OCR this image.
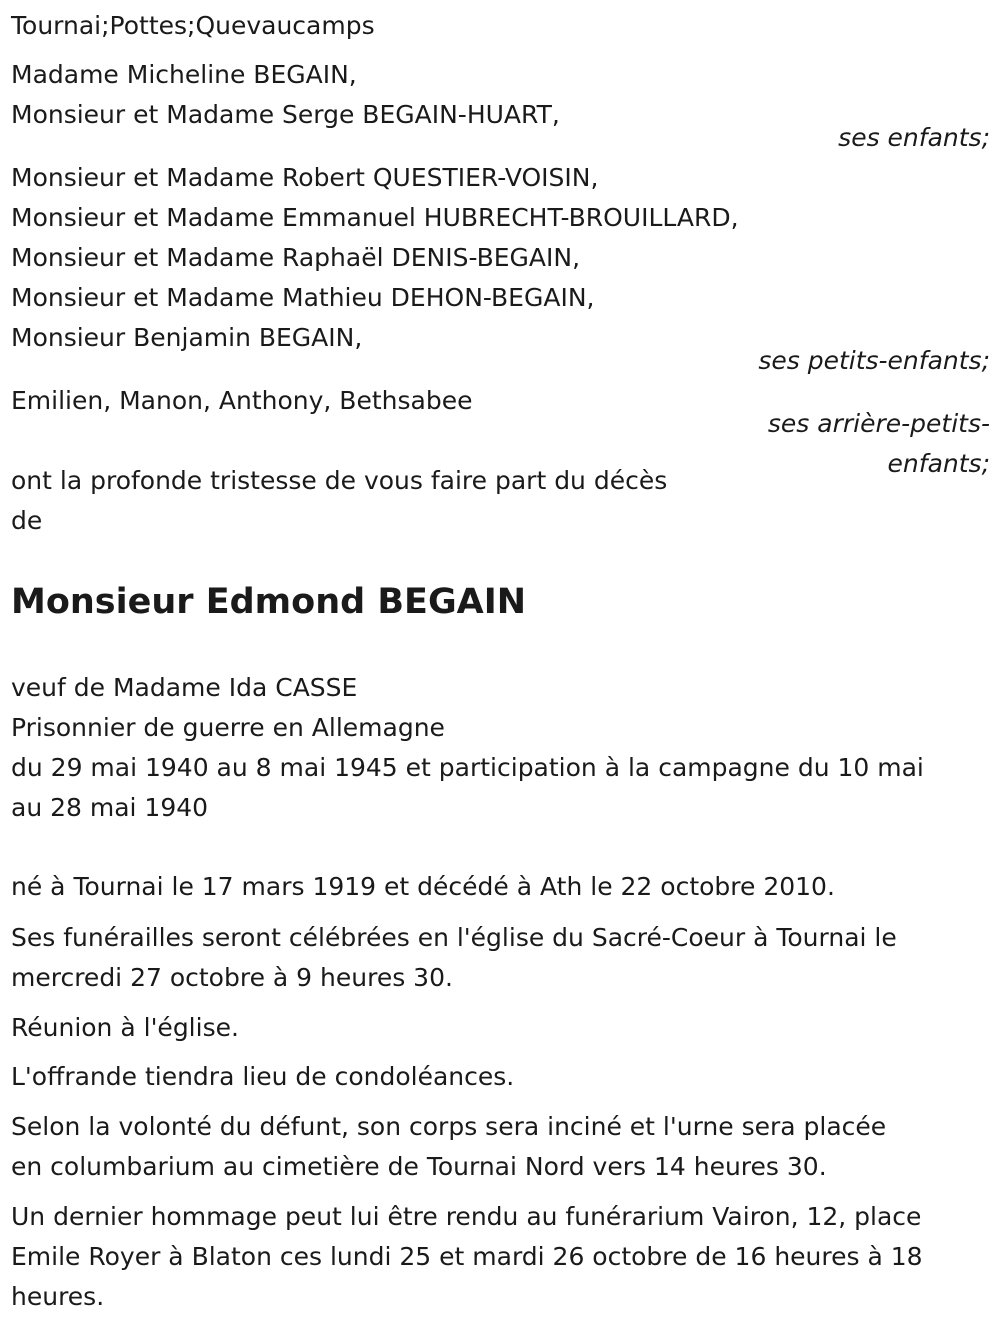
Tournai;Pottes;Quevaucamps
Madame Micheline BEGAIN,
Monsieur et Madame Serge BEGAIN-HUART,
ses enfants;
Monsieur et Madame Robert QUESTIER-VOISIN,
Monsieur et Madame Emmanuel HUBRECHT-BROUILLARD,
Monsieur et Madame Raphaël DENIS-BEGAIN,
Monsieur et Madame Mathieu DEHON-BEGAIN,
Monsieur Benjamin BEGAIN,
ses petits-enfants;
Emilien, Manon, Anthony, Bethsabee
ses arrière-petits-
enfants;
ont la profonde tristesse de vous faire part du décès
de
Monsieur Edmond BEGAIN
veuf de Madame Ida CASSE
Prisonnier de guerre en Allemagne
du 29 mai 1940 au 8 mai 1945 et participation à la campagne du 10 mai
au 28 mai 1940
né à Tournai le 17 mars 1919 et décédé à Ath le 22 octobre 2010.
Ses funérailles seront célébrées en l'église du Sacré-Coeur à Tournai le
mercredi 27 octobre à 9 heures 30.
Réunion à l'église.
L'offrande tiendra lieu de condoléances.
Selon la volonté du défunt, son corps sera inciné et l'urne sera placée
en columbarium au cimetière de Tournai Nord vers 14 heures 30.
Un dernier hommage peut lui être rendu au funérarium Vairon, 12, place
Emile Royer à Blaton ces lundi 25 et mardi 26 octobre de 16 heures à 18
heures.
